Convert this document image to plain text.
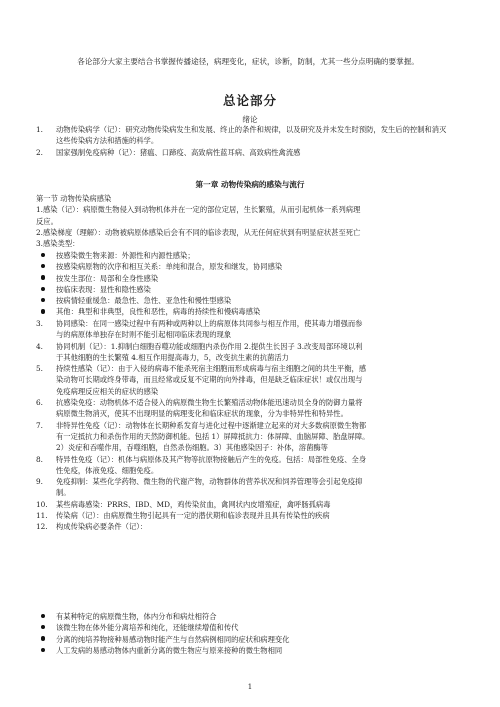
各论部分大家主要结合书掌握传播途径，病理变化，症状，诊断，防制，尤其一些分点明确的要掌握。
总论部分
绪论
1.	动物传染病学（记）：研究动物传染病发生和发展、终止的条件和规律，以及研究及并未发生时预防，发生后的控制和消灭这些传染病方法和措施的科学。
2.	国家强制免疫病种（记）：猪瘟、口蹄疫、高致病性蓝耳病、高致病性禽流感
第一章 动物传染病的感染与流行
第一节 动物传染病感染
1.感染（记）：病原微生物侵入到动物机体并在一定的部位定居，生长繁殖，从而引起机体一系列病理
反应。
2.感染梯度（理解）：动物被病原体感染后会有不同的临诊表现，从无任何症状到有明显症状甚至死亡
3.感染类型：
按感染微生物来源：外源性和内源性感染；
按感染病原物的次序和相互关系：单纯和混合，原发和继发，协同感染
按发生部位：局部和全身性感染
按临床表现：显性和隐性感染
按病情轻重缓急：最急性、急性、亚急性和慢性型感染
其他：典型和非典型，良性和恶性，病毒的持续性和慢病毒感染
3.	协同感染：在同一感染过程中有两种或两种以上的病原体共同参与相互作用，使其毒力增强而参
与的病原体单独存在时则不能引起相同临床表现的现象
4.	协同机制（记）：1.抑制白细胞吞噬功能或细胞内杀伤作用 2.提供生长因子 3.改变局部环境以利
于其他细胞的生长繁殖 4.相互作用提高毒力，5，改变抗生素的抗菌活力
5.	持续性感染（记）：由于入侵的病毒不能杀死宿主细胞而形成病毒与宿主细胞之间的共生平衡，感
染动物可长期或终身带毒，而且经常或反复不定期的向外排毒，但是缺乏临床症状！或仅出现与
免疫病理反应相关的症状的感染
6.	抗感染免疫：动物机体不适合侵入的病原微生物生长繁殖活动物体能迅速动员全身的防御力量将
病原微生物消灭，使其不出现明显的病理变化和临床症状的现象，分为非特异性和特异性。
7.	非特异性免疫（记）：动物体在长期种系发育与进化过程中逐渐建立起来的对大多数病原微生物都
有一定抵抗力和杀伤作用的天然防御机能。包括 1）屏障抵抗力：体屏障、血脑屏障、胎盘屏障。
2）炎症和吞噬作用，吞噬细胞，自然杀伤细胞。3）其他感染因子：补体，溶菌酶等
8.	特异性免疫（记）：机体与病原体及其产物等抗原物接触后产生的免疫。包括：局部性免疫、全身
性免疫，体液免疫、细胞免疫。
9.	免疫抑制：某些化学药物、微生物的代谢产物，动物群体的营养状况和饲养管理等会引起免疫抑
制。
10.	某些病毒感染：PRRS、IBD、MD，鸡传染贫血，禽网状内皮增殖症，禽呼肠孤病毒
11.	传染病（记）：由病原微生物引起具有一定的潜伏期和临诊表现并且具有传染性的疾病
12.	构成传染病必要条件（记）：
有某种特定的病原微生物，体内分布和病灶相符合
该微生物在体外能分离培养和纯化，还能继续增值和传代
分离的纯培养物接种易感动物时能产生与自然病例相同的症状和病理变化
人工发病的易感动物体内重新分离的微生物应与原来接种的微生物相同
1
